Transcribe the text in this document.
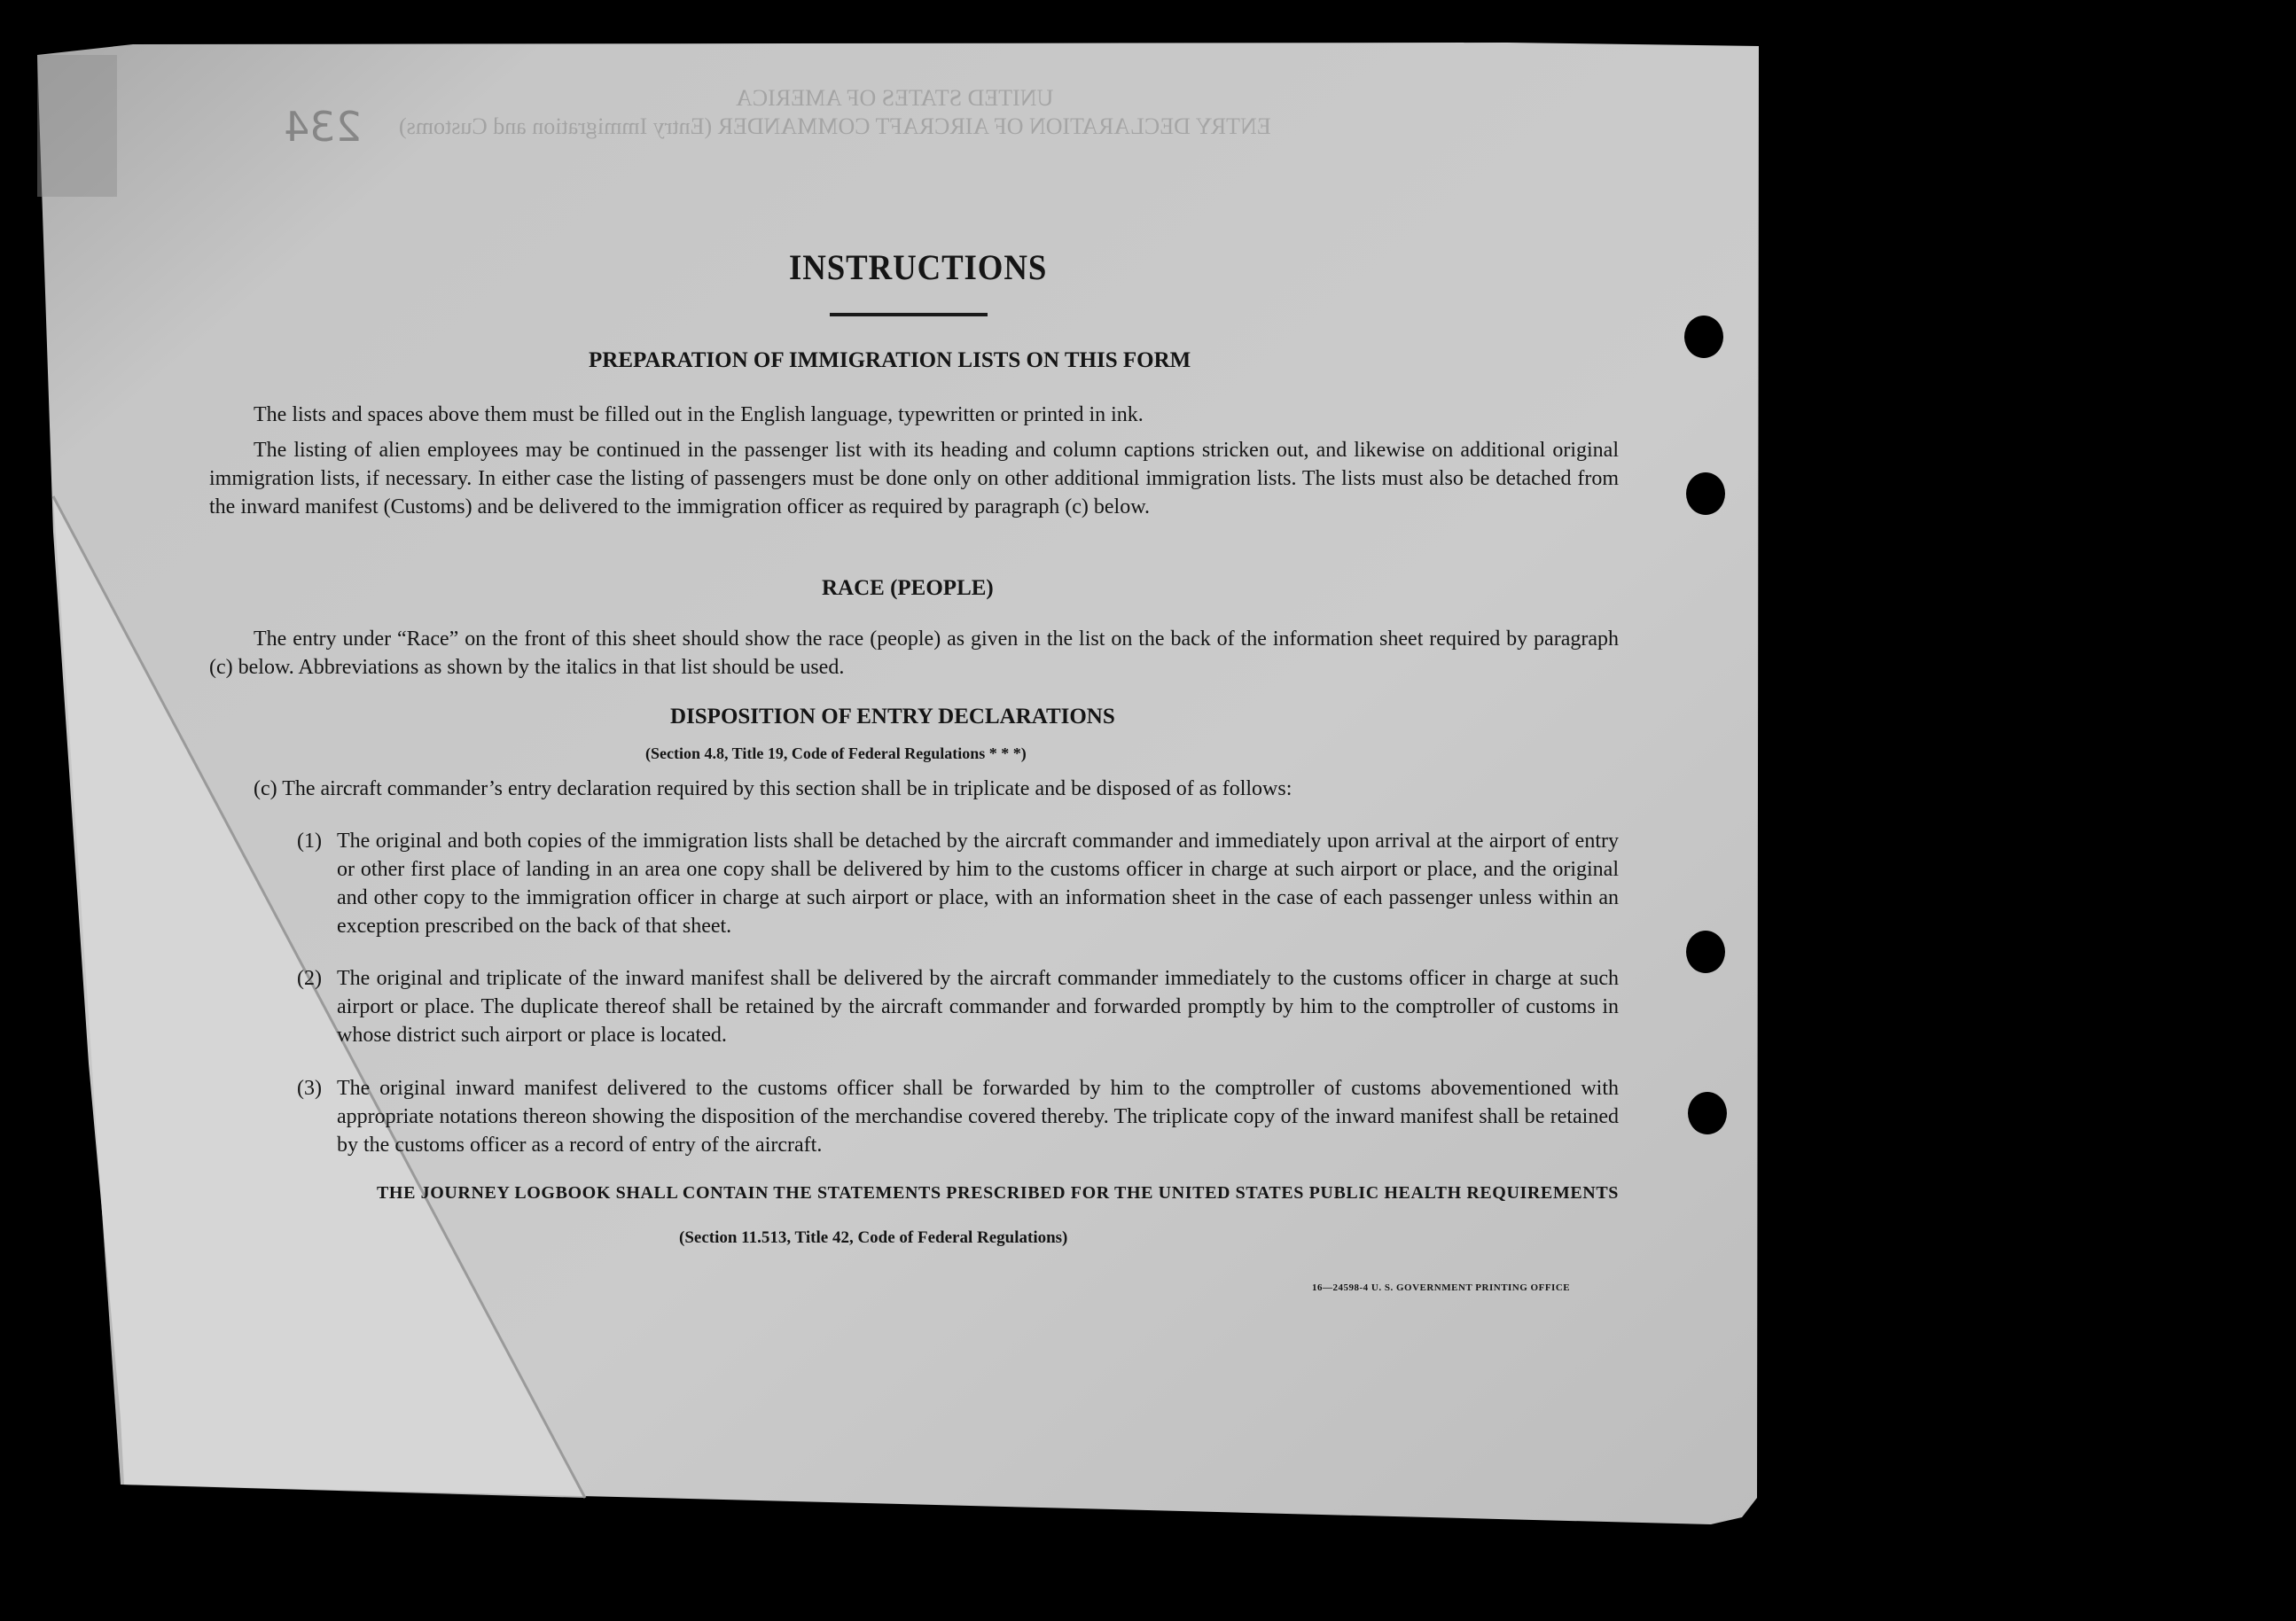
234
UNITED STATES OF AMERICA
ENTRY DECLARATION OF AIRCRAFT COMMANDER (Entry Immigration and Customs)
INSTRUCTIONS
PREPARATION OF IMMIGRATION LISTS ON THIS FORM
The lists and spaces above them must be filled out in the English language, typewritten or printed in ink.
The listing of alien employees may be continued in the passenger list with its heading and column captions stricken out, and likewise on additional original immigration lists, if necessary. In either case the listing of passengers must be done only on other additional immigration lists. The lists must also be detached from the inward manifest (Customs) and be delivered to the immigration officer as required by paragraph (c) below.
RACE (PEOPLE)
The entry under “Race” on the front of this sheet should show the race (people) as given in the list on the back of the information sheet required by paragraph (c) below. Abbreviations as shown by the italics in that list should be used.
DISPOSITION OF ENTRY DECLARATIONS
(Section 4.8, Title 19, Code of Federal Regulations * * *)
(c) The aircraft commander’s entry declaration required by this section shall be in triplicate and be disposed of as follows:
(1) The original and both copies of the immigration lists shall be detached by the aircraft commander and immediately upon arrival at the airport of entry or other first place of landing in an area one copy shall be delivered by him to the customs officer in charge at such airport or place, and the original and other copy to the immigration officer in charge at such airport or place, with an information sheet in the case of each passenger unless within an exception prescribed on the back of that sheet.
(2) The original and triplicate of the inward manifest shall be delivered by the aircraft commander immediately to the customs officer in charge at such airport or place. The duplicate thereof shall be retained by the aircraft commander and forwarded promptly by him to the comptroller of customs in whose district such airport or place is located.
(3) The original inward manifest delivered to the customs officer shall be forwarded by him to the comptroller of customs abovementioned with appropriate notations thereon showing the disposition of the merchandise covered thereby. The triplicate copy of the inward manifest shall be retained by the customs officer as a record of entry of the aircraft.
THE JOURNEY LOGBOOK SHALL CONTAIN THE STATEMENTS PRESCRIBED FOR THE UNITED STATES PUBLIC HEALTH REQUIREMENTS
(Section 11.513, Title 42, Code of Federal Regulations)
16—24598-4 U. S. GOVERNMENT PRINTING OFFICE
